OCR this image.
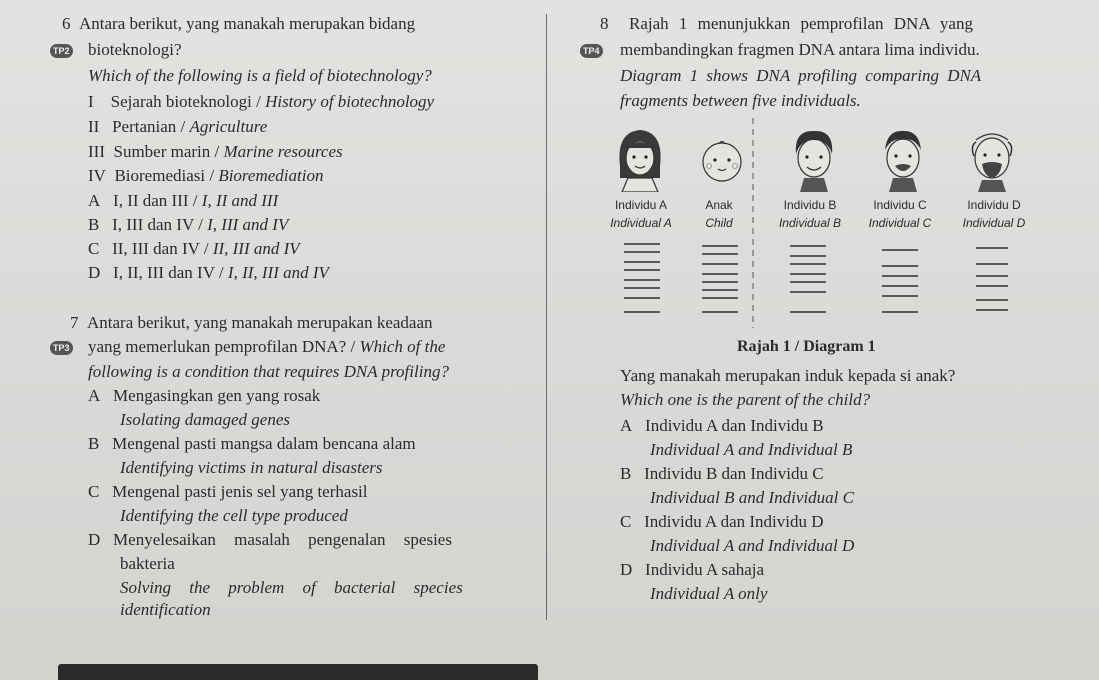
6 Antara berikut, yang manakah merupakan bidang
TP2 bioteknologi?
Which of the following is a field of biotechnology?
I Sejarah bioteknologi / History of biotechnology
II Pertanian / Agriculture
III Sumber marin / Marine resources
IV Bioremediasi / Bioremediation
A I, II dan III / I, II and III
B I, III dan IV / I, III and IV
C II, III dan IV / II, III and IV
D I, II, III dan IV / I, II, III and IV
7 Antara berikut, yang manakah merupakan keadaan
TP3 yang memerlukan pemprofilan DNA? / Which of the
following is a condition that requires DNA profiling?
A Mengasingkan gen yang rosak
Isolating damaged genes
B Mengenal pasti mangsa dalam bencana alam
Identifying victims in natural disasters
C Mengenal pasti jenis sel yang terhasil
Identifying the cell type produced
D Menyelesaikan masalah pengenalan spesies
bakteria
Solving the problem of bacterial species
identification
8 Rajah 1 menunjukkan pemprofilan DNA yang
TP4 membandingkan fragmen DNA antara lima individu.
Diagram 1 shows DNA profiling comparing DNA
fragments between five individuals.
Individu A
Individual A
Anak
Child
Individu B
Individual B
Individu C
Individual C
Individu D
Individual D
Rajah 1 / Diagram 1
Yang manakah merupakan induk kepada si anak?
Which one is the parent of the child?
A Individu A dan Individu B
Individual A and Individual B
B Individu B dan Individu C
Individual B and Individual C
C Individu A dan Individu D
Individual A and Individual D
D Individu A sahaja
Individual A only
